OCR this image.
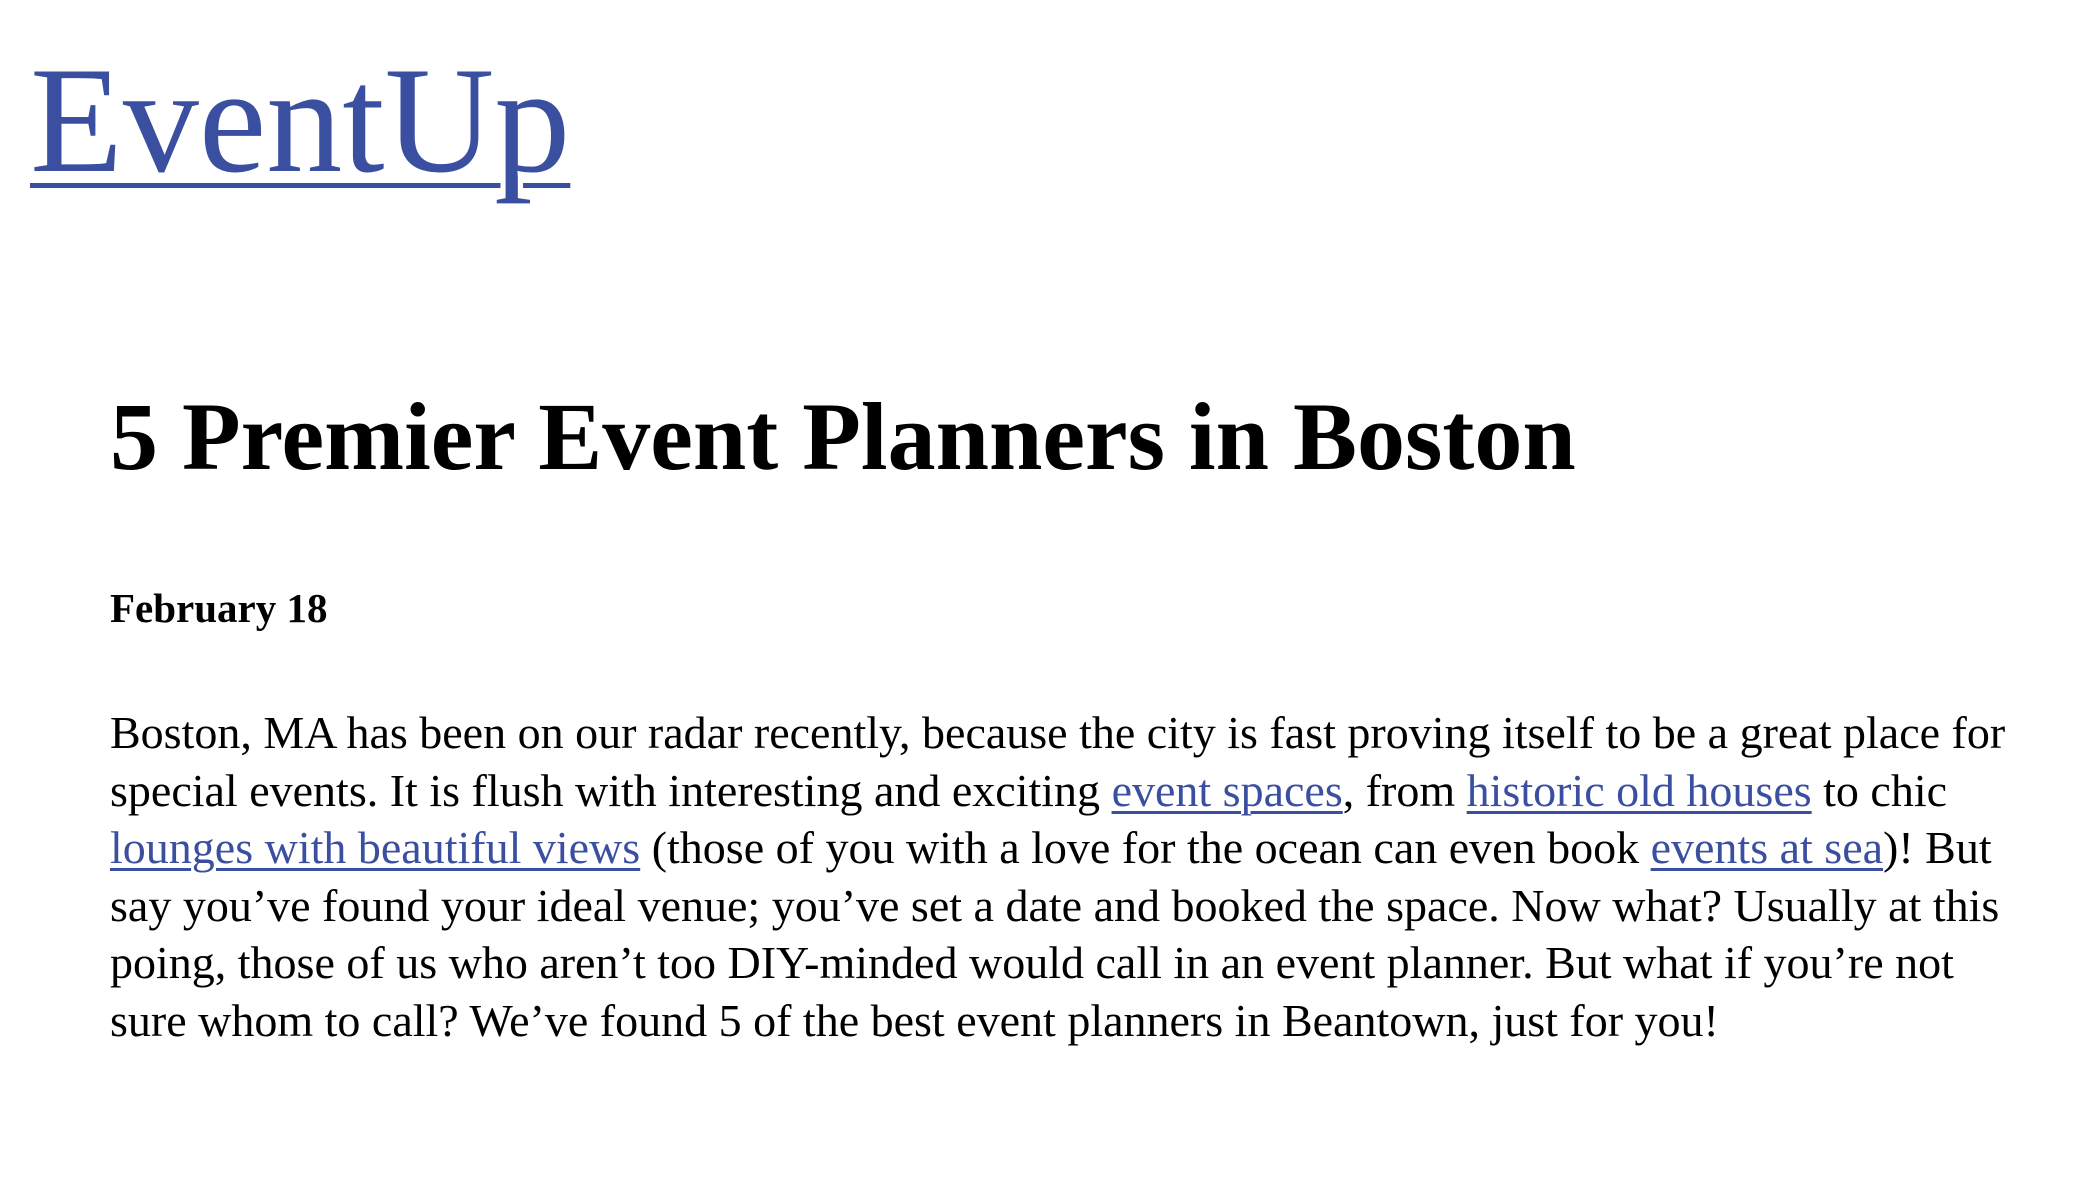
EventUp
5 Premier Event Planners in Boston

February 18

Boston, MA has been on our radar recently, because the city is fast proving itself to be a great place for special events. It is flush with interesting and exciting event spaces, from historic old houses to chic lounges with beautiful views (those of you with a love for the ocean can even book events at sea)! But say you’ve found your ideal venue; you’ve set a date and booked the space. Now what? Usually at this poing, those of us who aren’t too DIY-minded would call in an event planner. But what if you’re not sure whom to call? We’ve found 5 of the best event planners in Beantown, just for you!
